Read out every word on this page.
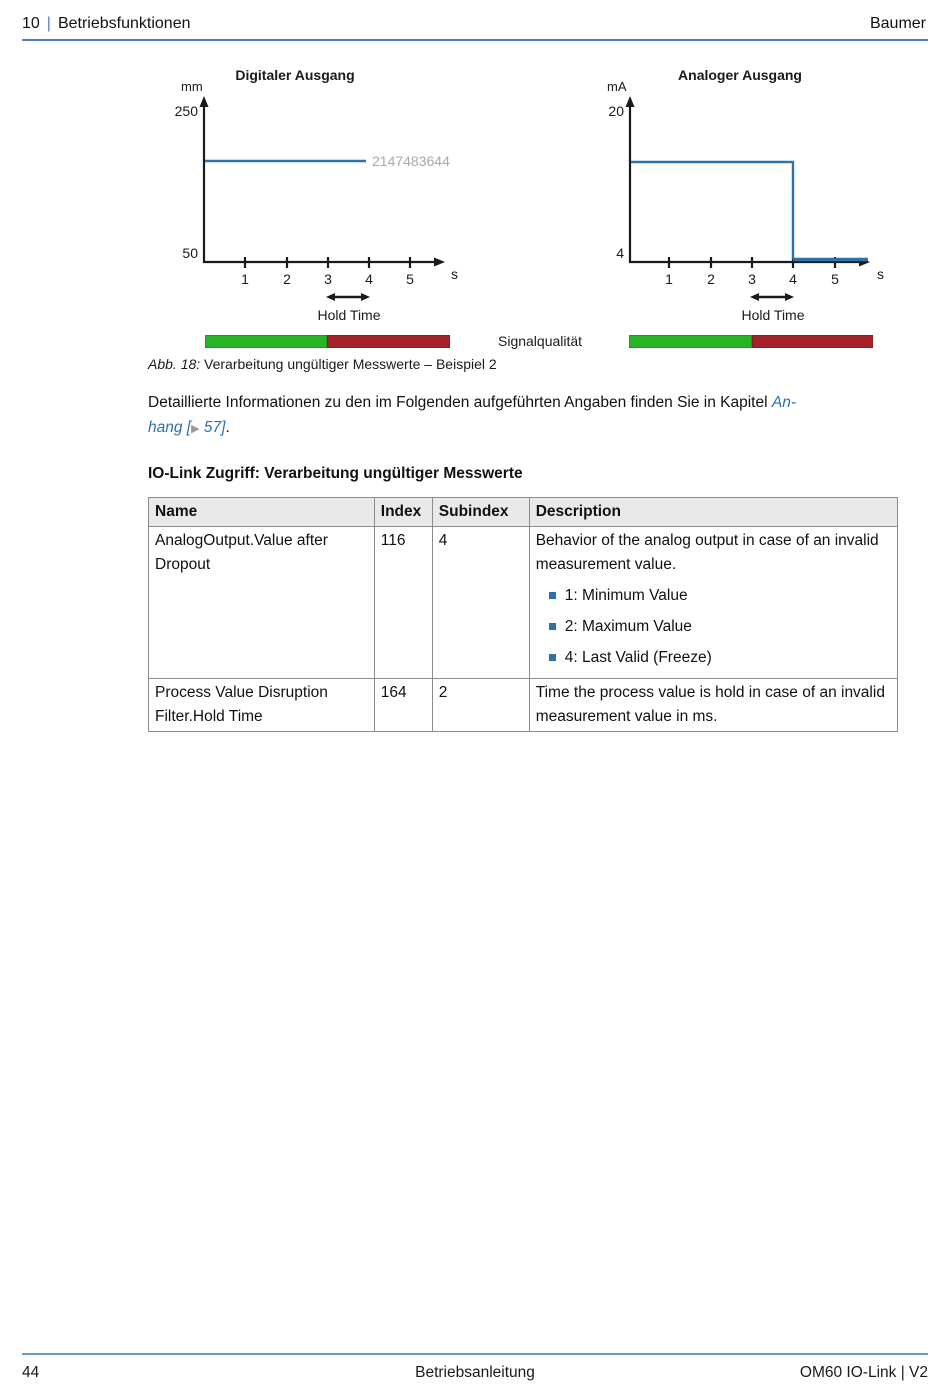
10 | Betriebsfunktionen	Baumer
Digitaler Ausgang
mm
250
50
2147483644
1 2 3 4 5	s
Hold Time
Analoger Ausgang
mA
20
4
1 2 3 4 5	s
Hold Time
Signalqualität
Abb. 18: Verarbeitung ungültiger Messwerte – Beispiel 2

Detaillierte Informationen zu den im Folgenden aufgeführten Angaben finden Sie in Kapitel An-
hang [▶ 57].

IO-Link Zugriff: Verarbeitung ungültiger Messwerte
Name	Index	Subindex	Description
AnalogOutput.Value after Dropout	116	4	Behavior of the analog output in case of an invalid measurement value.

1: Minimum Value
2: Maximum Value
4: Last Valid (Freeze)

Process Value Disruption Filter.Hold Time	164	2	Time the process value is hold in case of an invalid measurement value in ms.

Betriebsanleitung
44	OM60 IO-Link | V2
